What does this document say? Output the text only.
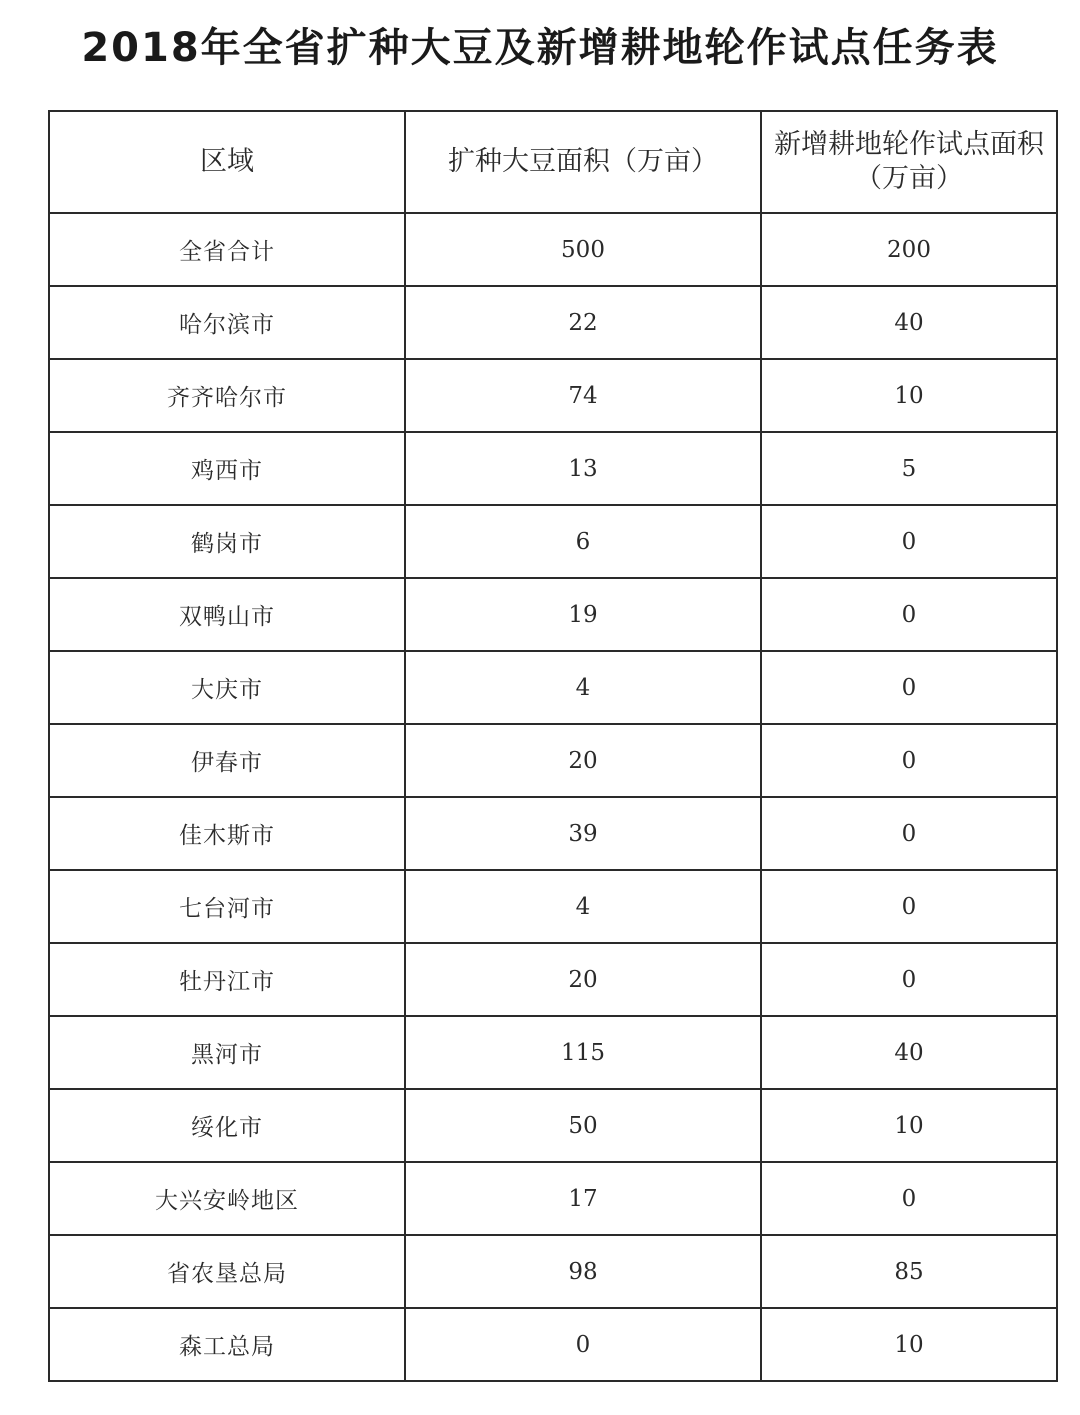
2018年全省扩种大豆及新增耕地轮作试点任务表
区域	扩种大豆面积（万亩）	新增耕地轮作试点面积（万亩）
全省合计	500	200
哈尔滨市	22	40
齐齐哈尔市	74	10
鸡西市	13	5
鹤岗市	6	0
双鸭山市	19	0
大庆市	4	0
伊春市	20	0
佳木斯市	39	0
七台河市	4	0
牡丹江市	20	0
黑河市	115	40
绥化市	50	10
大兴安岭地区	17	0
省农垦总局	98	85
森工总局	0	10
